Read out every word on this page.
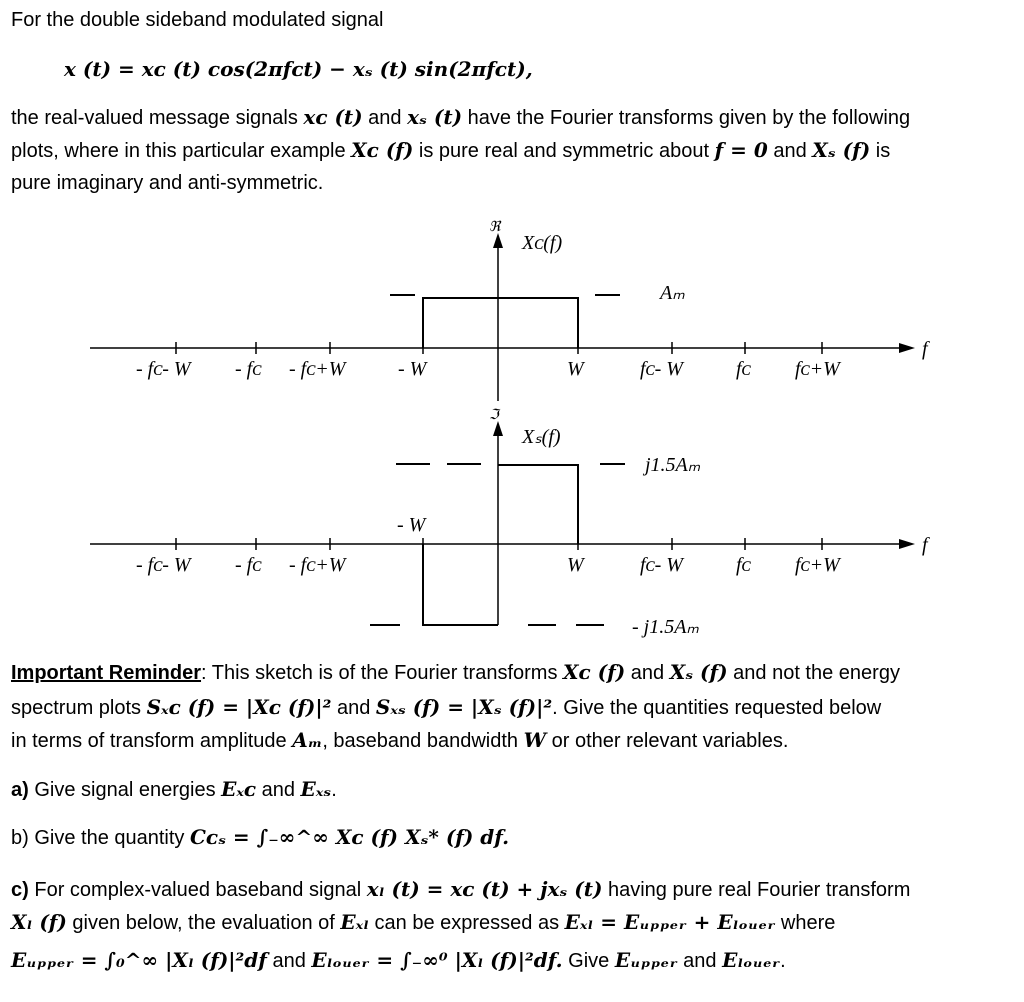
For the double sideband modulated signal

x (t) = xᴄ (t) cos(2πfᴄt) − xₛ (t) sin(2πfᴄt),

the real-valued message signals xᴄ (t) and xₛ (t) have the Fourier transforms given by the following

plots, where in this particular example Xᴄ (f) is pure real and symmetric about f = 0 and Xₛ (f) is

pure imaginary and anti-symmetric.

ℜ
Xᴄ(f)
Aₘ
f
- fᴄ- W - fᴄ - fᴄ+W	- W	W	fᴄ- W	fᴄ fᴄ+W
ℑ
Xₛ(f)
j1.5Aₘ
- W
f
- fᴄ- W - fᴄ - fᴄ+W	W	fᴄ- W	fᴄ fᴄ+W
- j1.5Aₘ

Important Reminder: This sketch is of the Fourier transforms Xᴄ (f) and Xₛ (f) and not the energy

spectrum plots Sₓᴄ (f) = |Xᴄ (f)|² and Sₓₛ (f) = |Xₛ (f)|². Give the quantities requested below

in terms of transform amplitude Aₘ, baseband bandwidth W or other relevant variables.

a) Give signal energies Eₓᴄ and Eₓₛ.

b) Give the quantity Cᴄₛ = ∫₋∞^∞ Xᴄ (f) Xₛ* (f) df.

c) For complex-valued baseband signal xₗ (t) = xᴄ (t) + jxₛ (t) having pure real Fourier transform

Xₗ (f) given below, the evaluation of Eₓₗ can be expressed as Eₓₗ = Eᵤₚₚₑᵣ + Eₗₒᵤₑᵣ where

Eᵤₚₚₑᵣ = ∫₀^∞ |Xₗ (f)|²df and Eₗₒᵤₑᵣ = ∫₋∞⁰ |Xₗ (f)|²df. Give Eᵤₚₚₑᵣ and Eₗₒᵤₑᵣ.
